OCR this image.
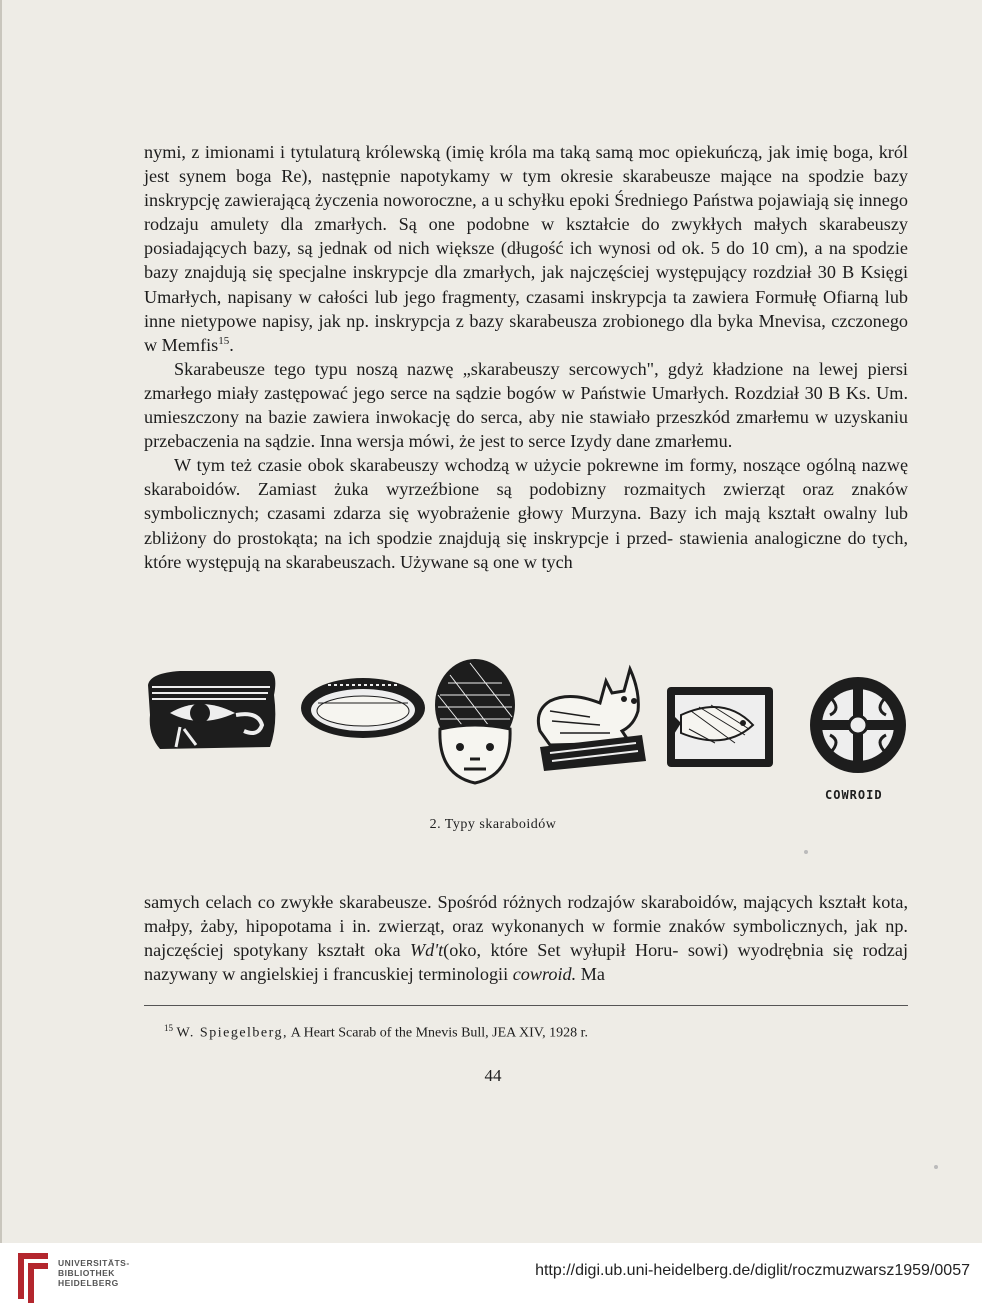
nymi, z imionami i tytulaturą królewską (imię króla ma taką samą moc opiekuńczą, jak imię boga, król jest synem boga Re), następnie napotykamy w tym okresie skarabeusze mające na spodzie bazy inskrypcję zawierającą życzenia noworoczne, a u schyłku epoki Średniego Państwa pojawiają się innego rodzaju amulety dla zmarłych. Są one podobne w kształcie do zwykłych małych skarabeuszy posiadających bazy, są jednak od nich większe (długość ich wynosi od ok. 5 do 10 cm), a na spodzie bazy znajdują się specjalne inskrypcje dla zmarłych, jak najczęściej występujący rozdział 30 B Księgi Umarłych, napisany w całości lub jego fragmenty, czasami inskrypcja ta zawiera Formułę Ofiarną lub inne nietypowe napisy, jak np. inskrypcja z bazy skarabeusza zrobionego dla byka Mnevisa, czczonego w Memfis$^{15}$.

Skarabeusze tego typu noszą nazwę „skarabeuszy sercowych", gdyż kładzione na lewej piersi zmarłego miały zastępować jego serce na sądzie bogów w Państwie Umarłych. Rozdział 30 B Ks. Um. umieszczony na bazie zawiera inwokację do serca, aby nie stawiało przeszkód zmarłemu w uzyskaniu przebaczenia na sądzie. Inna wersja mówi, że jest to serce Izydy dane zmarłemu.

W tym też czasie obok skarabeuszy wchodzą w użycie pokrewne im formy, noszące ogólną nazwę skaraboidów. Zamiast żuka wyrzeźbione są podobizny rozmaitych zwierząt oraz znaków symbolicznych; czasami zdarza się wyobrażenie głowy Murzyna. Bazy ich mają kształt owalny lub zbliżony do prostokąta; na ich spodzie znajdują się inskrypcje i przed- stawienia analogiczne do tych, które występują na skarabeuszach. Używane są one w tych

COWROID
2. Typy skaraboidów

samych celach co zwykłe skarabeusze. Spośród różnych rodzajów skaraboidów, mających kształt kota, małpy, żaby, hipopotama i in. zwierząt, oraz wykonanych w formie znaków symbolicznych, jak np. najczęściej spotykany kształt oka Wd't(oko, które Set wyłupił Horu- sowi) wyodrębnia się rodzaj nazywany w angielskiej i francuskiej terminologii cowroid. Ma

$^{15}$ W. Spiegelberg, A Heart Scarab of the Mnevis Bull, JEA XIV, 1928 r.
44
UNIVERSITÄTS-
BIBLIOTHEK
HEIDELBERG
http://digi.ub.uni-heidelberg.de/diglit/roczmuzwarsz1959/0057
